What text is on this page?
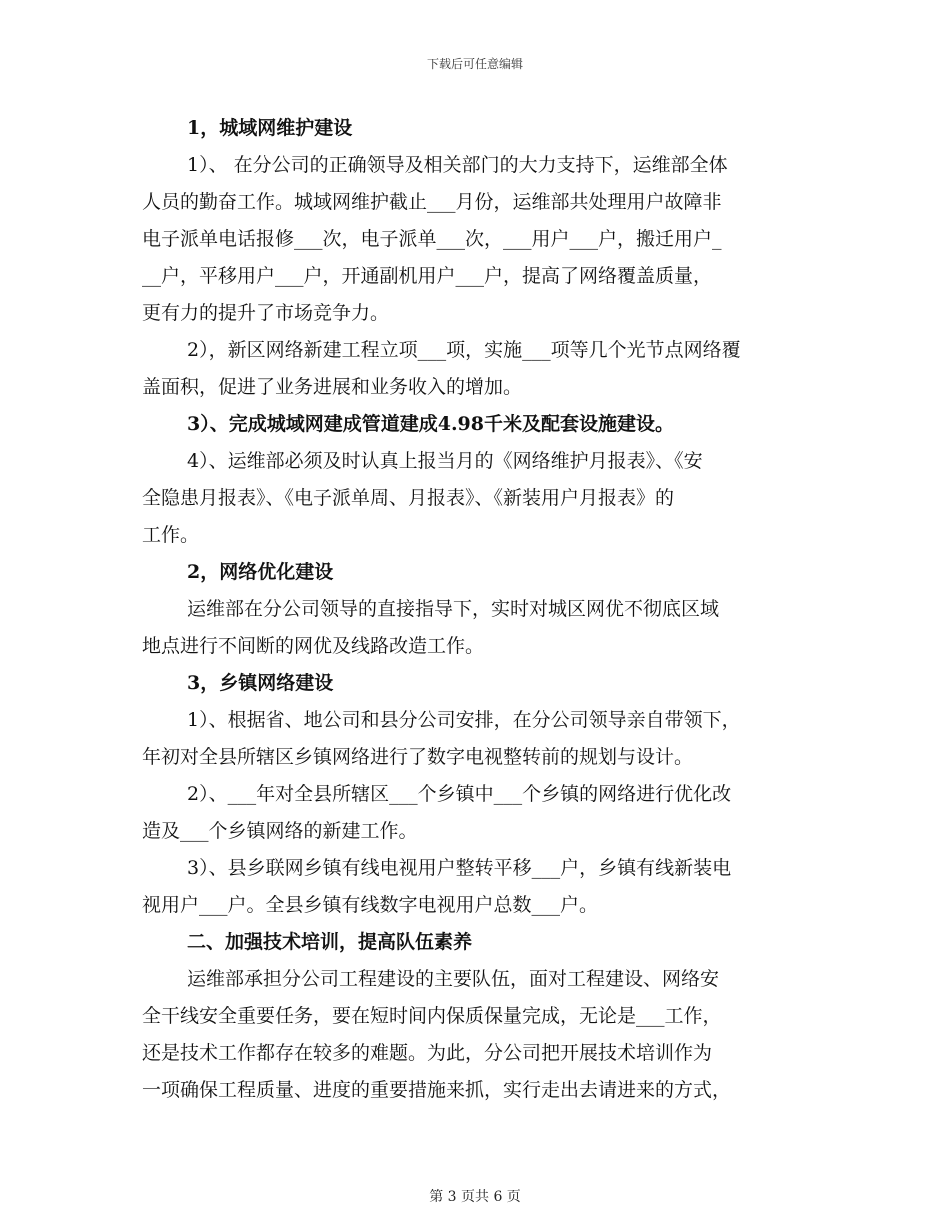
下载后可任意编辑
1，城域网维护建设
1）、 在分公司的正确领导及相关部门的大力支持下，运维部全体
人员的勤奋工作。城域网维护截止___月份，运维部共处理用户故障非
电子派单电话报修___次，电子派单___次，___用户___户，搬迁用户_
__户，平移用户___户，开通副机用户___户，提高了网络覆盖质量，
更有力的提升了市场竞争力。
2），新区网络新建工程立项___项，实施___项等几个光节点网络覆
盖面积，促进了业务进展和业务收入的增加。
3）、完成城域网建成管道建成4.98千米及配套设施建设。
4）、运维部必须及时认真上报当月的《网络维护月报表》、《安
全隐患月报表》、《电子派单周、月报表》、《新装用户月报表》的
工作。
2，网络优化建设
运维部在分公司领导的直接指导下，实时对城区网优不彻底区域
地点进行不间断的网优及线路改造工作。
3，乡镇网络建设
1）、根据省、地公司和县分公司安排，在分公司领导亲自带领下，
年初对全县所辖区乡镇网络进行了数字电视整转前的规划与设计。
2）、___年对全县所辖区___个乡镇中___个乡镇的网络进行优化改
造及___个乡镇网络的新建工作。
3）、县乡联网乡镇有线电视用户整转平移___户，乡镇有线新装电
视用户___户。全县乡镇有线数字电视用户总数___户。
二、加强技术培训，提高队伍素养
运维部承担分公司工程建设的主要队伍，面对工程建设、网络安
全干线安全重要任务，要在短时间内保质保量完成，无论是___工作，
还是技术工作都存在较多的难题。为此，分公司把开展技术培训作为
一项确保工程质量、进度的重要措施来抓，实行走出去请进来的方式，
第 3 页共 6 页
